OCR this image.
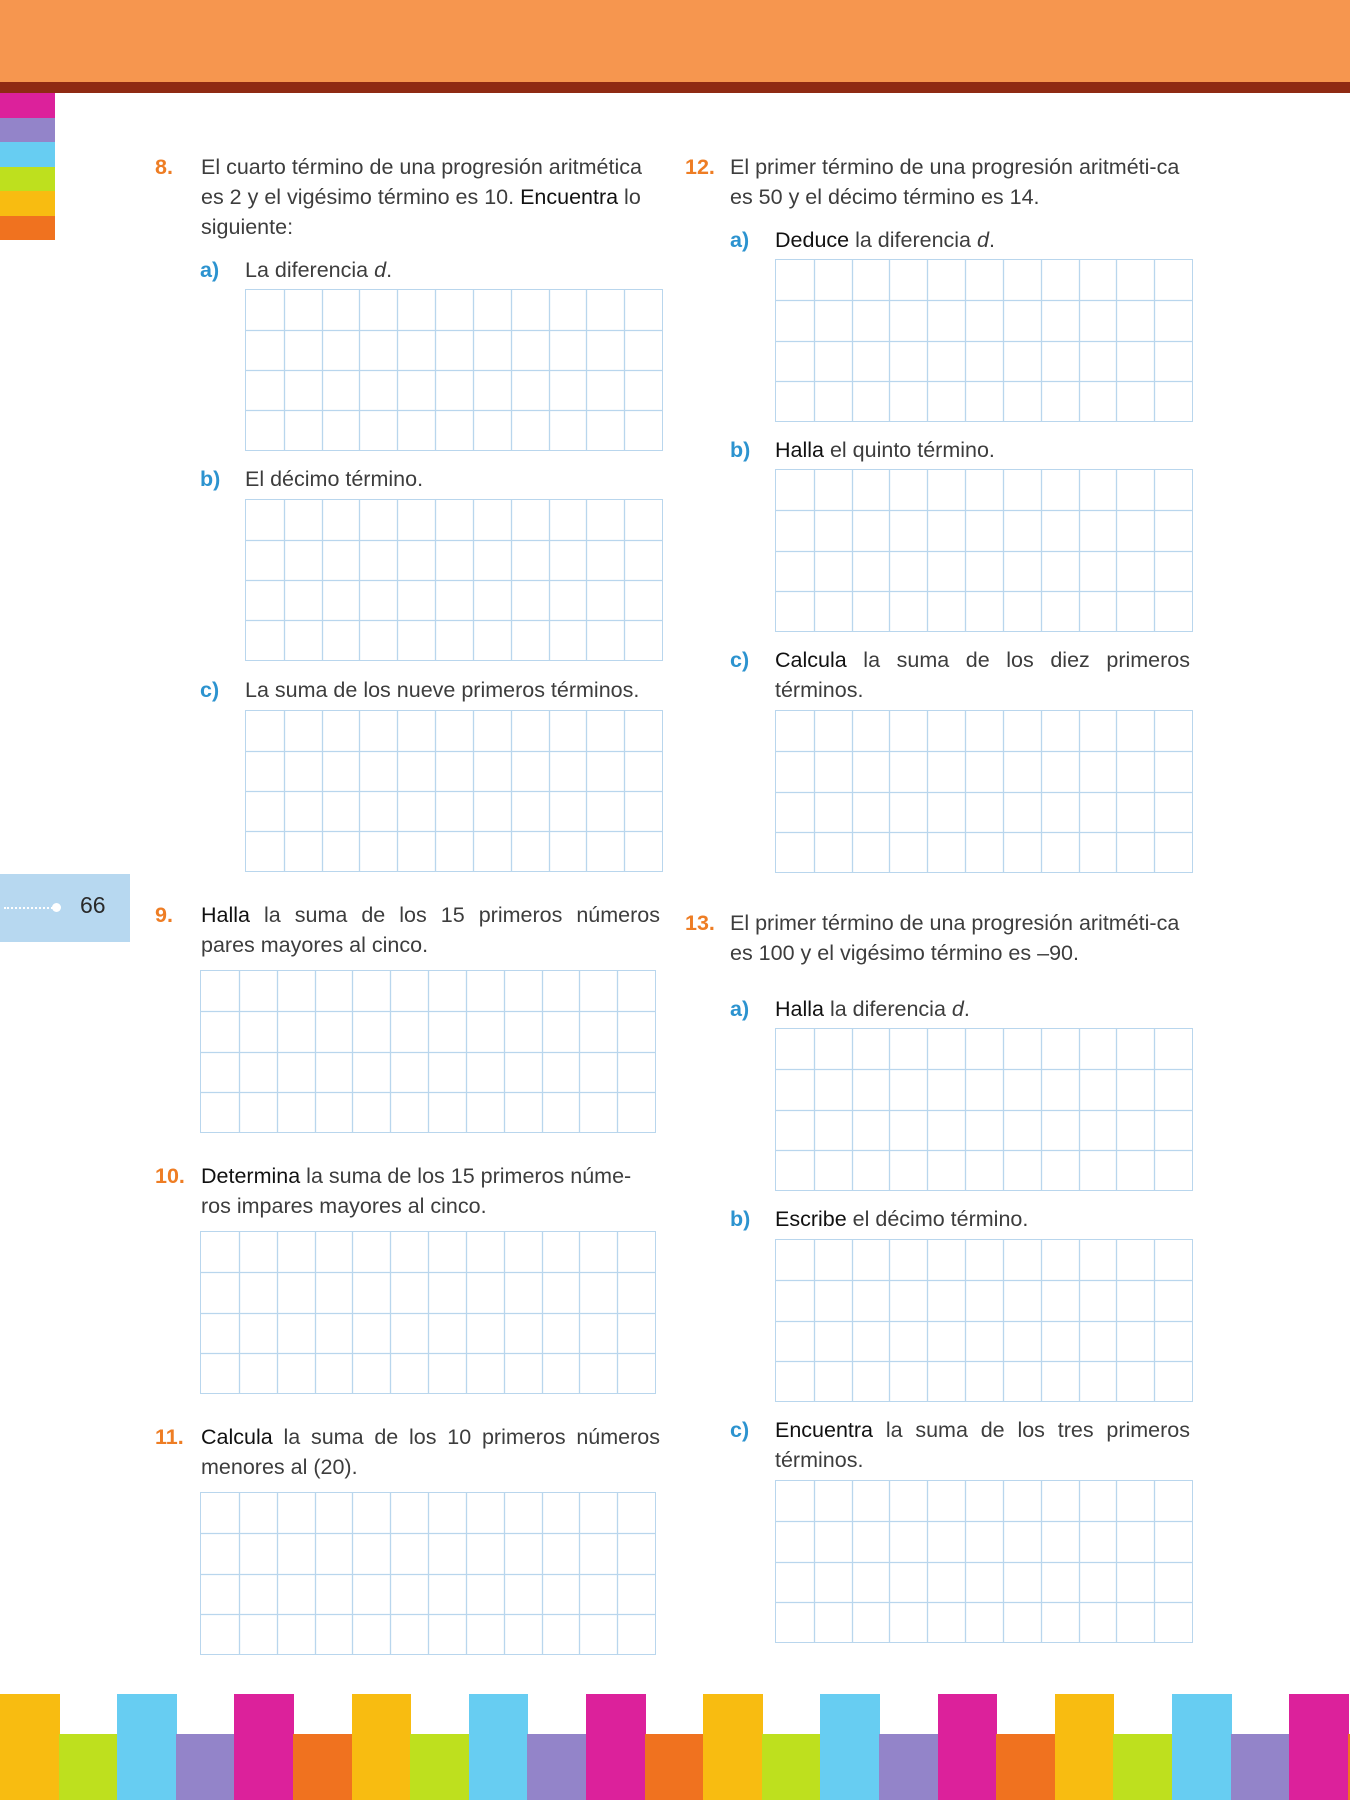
66
8. El cuarto término de una progresión aritmética es 2 y el vigésimo término es 10. Encuentra lo siguiente:
a) La diferencia d.
b) El décimo término.
c) La suma de los nueve primeros términos.
9. Halla la suma de los 15 primeros números pares mayores al cinco.
10. Determina la suma de los 15 primeros núme-ros impares mayores al cinco.
11. Calcula la suma de los 10 primeros números menores al (20).
12. El primer término de una progresión aritméti-ca es 50 y el décimo término es 14.
a) Deduce la diferencia d.
b) Halla el quinto término.
c) Calcula la suma de los diez primeros términos.
13. El primer término de una progresión aritméti-ca es 100 y el vigésimo término es –90.
a) Halla la diferencia d.
b) Escribe el décimo término.
c) Encuentra la suma de los tres primeros términos.
